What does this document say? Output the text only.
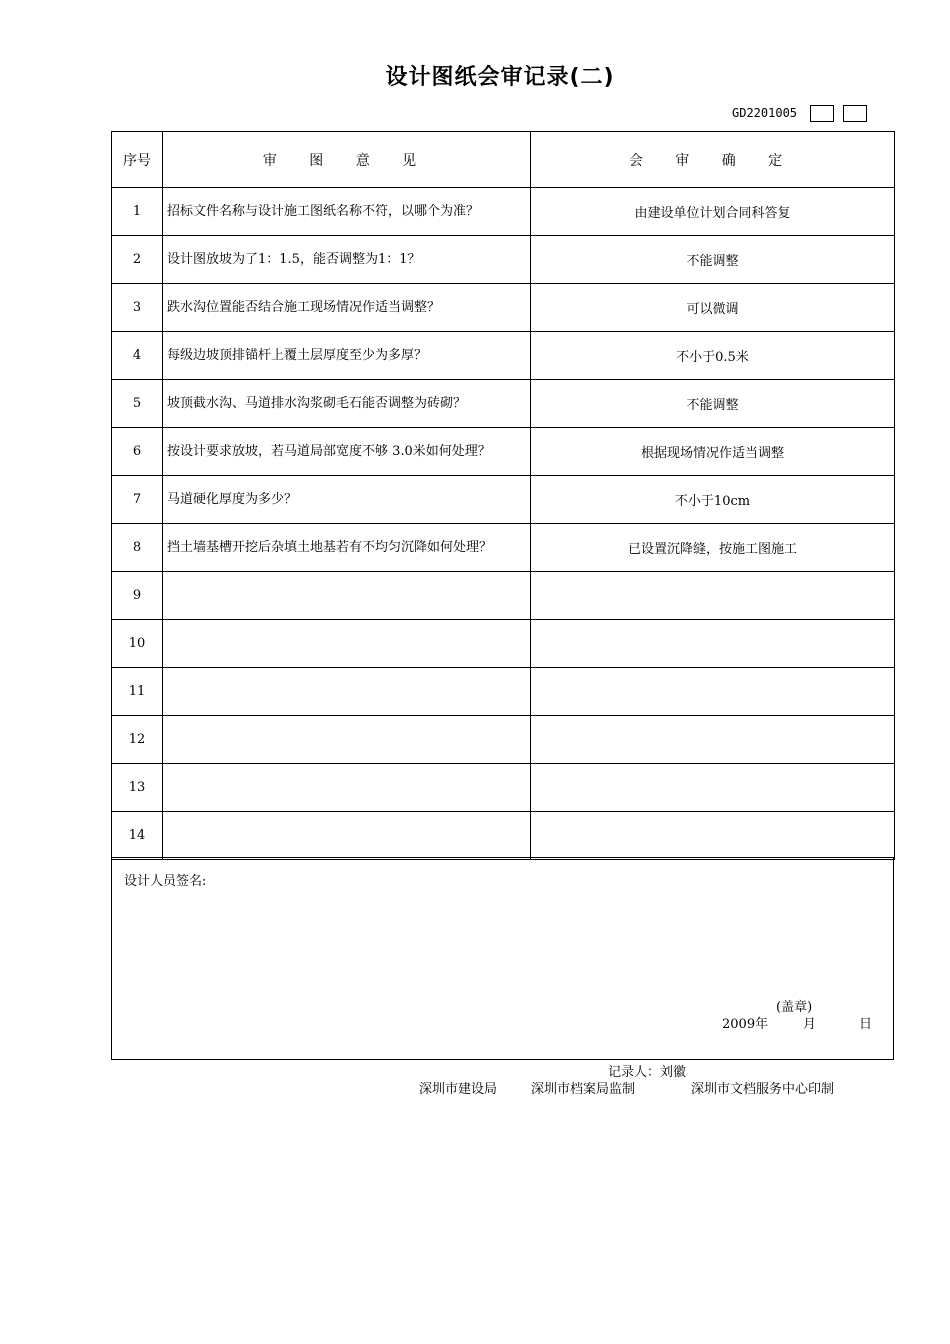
设计图纸会审记录(二)
GD2201005
序号	审 图 意 见	会 审 确 定
1	招标文件名称与设计施工图纸名称不符，以哪个为准？	由建设单位计划合同科答复
2	设计图放坡为了1：1.5，能否调整为1：1？	不能调整
3	跌水沟位置能否结合施工现场情况作适当调整？	可以微调
4	每级边坡顶排锚杆上覆土层厚度至少为多厚？	不小于0.5米
5	坡顶截水沟、马道排水沟浆砌毛石能否调整为砖砌？	不能调整
6	按设计要求放坡，若马道局部宽度不够 3.0米如何处理？	根据现场情况作适当调整
7	马道硬化厚度为多少？	不小于10cm
8	挡土墙基槽开挖后杂填土地基若有不均匀沉降如何处理？	已设置沉降缝，按施工图施工
9		
10		
11		
12		
13		
14		
设计人员签名:
(盖章)
2009年	月	日
记录人：刘徽
深圳市建设局	深圳市档案局监制	深圳市文档服务中心印制
